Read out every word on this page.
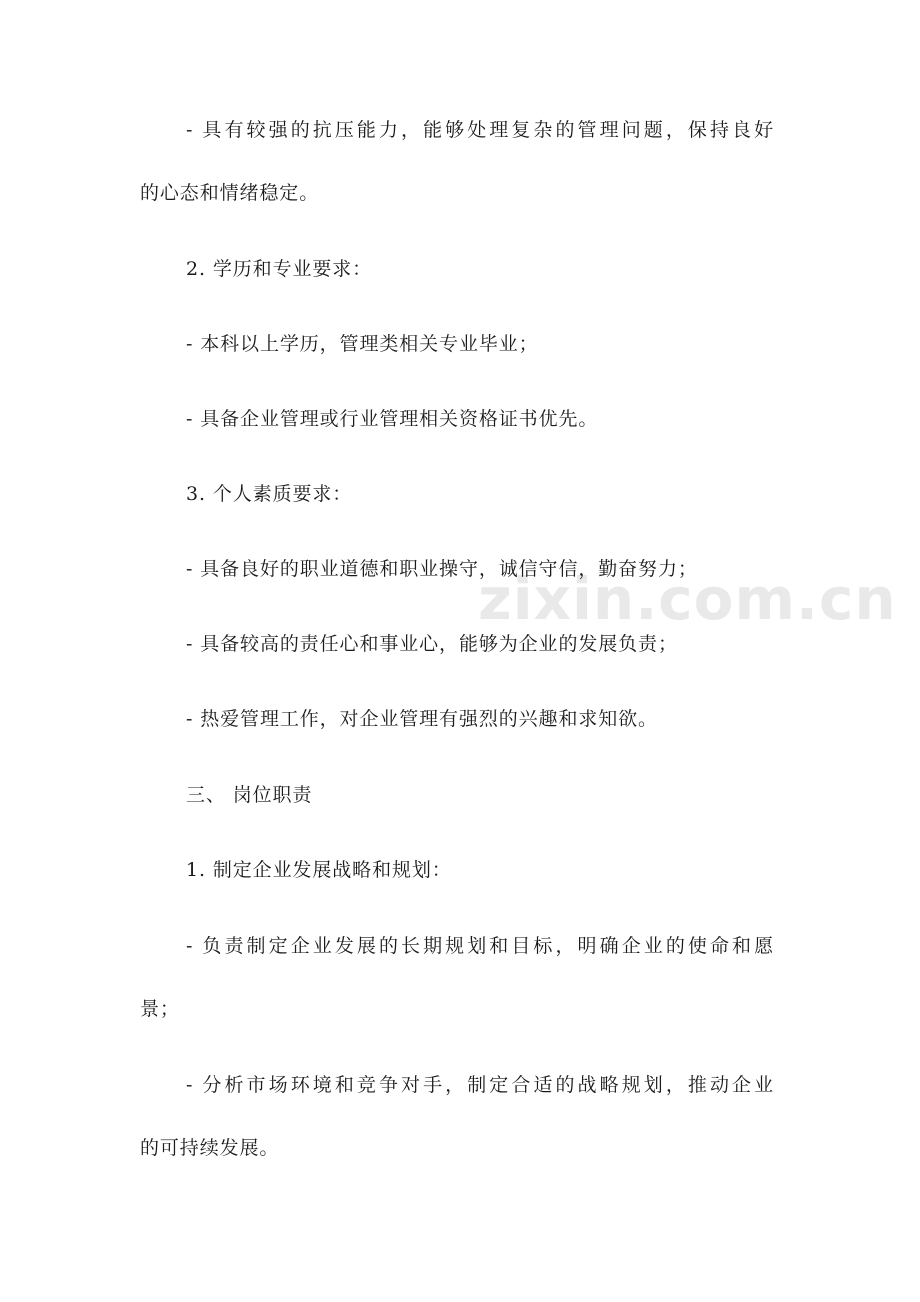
zixin.com.cn
- 具有较强的抗压能力，能够处理复杂的管理问题，保持良好
的心态和情绪稳定。
2. 学历和专业要求：
- 本科以上学历，管理类相关专业毕业；
- 具备企业管理或行业管理相关资格证书优先。
3. 个人素质要求：
- 具备良好的职业道德和职业操守，诚信守信，勤奋努力；
- 具备较高的责任心和事业心，能够为企业的发展负责；
- 热爱管理工作，对企业管理有强烈的兴趣和求知欲。
三、 岗位职责
1. 制定企业发展战略和规划：
- 负责制定企业发展的长期规划和目标，明确企业的使命和愿
景；
- 分析市场环境和竞争对手，制定合适的战略规划，推动企业
的可持续发展。
